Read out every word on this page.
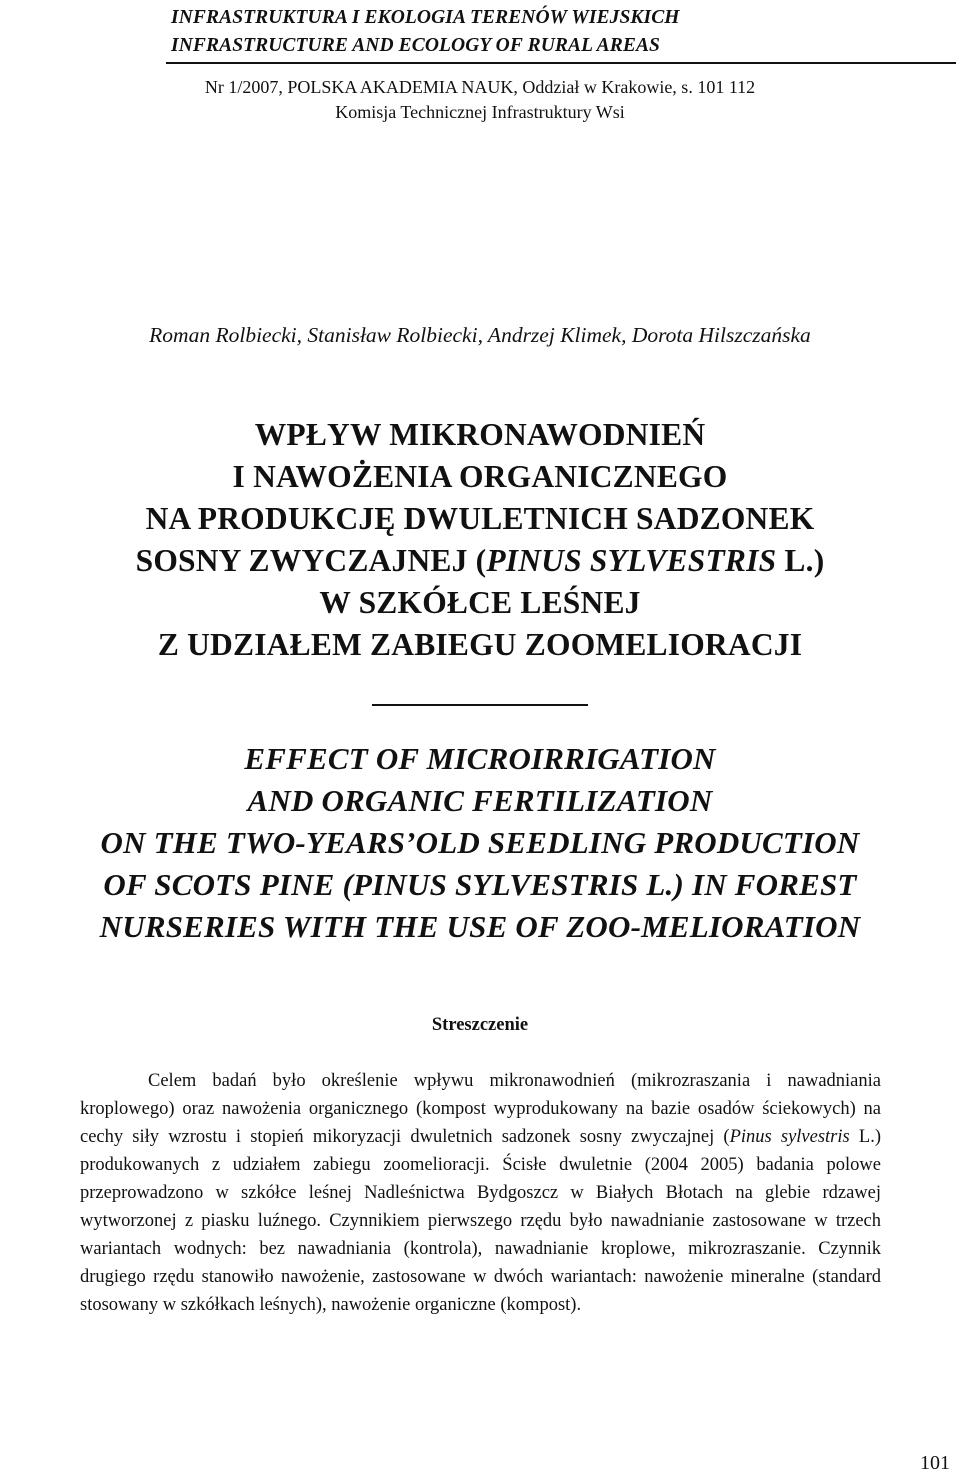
INFRASTRUKTURA I EKOLOGIA TERENÓW WIEJSKICH
INFRASTRUCTURE AND ECOLOGY OF RURAL AREAS
Nr 1/2007, POLSKA AKADEMIA NAUK, Oddział w Krakowie, s. 101 112
Komisja Technicznej Infrastruktury Wsi
Roman Rolbiecki, Stanisław Rolbiecki, Andrzej Klimek, Dorota Hilszczańska
WPŁYW MIKRONAWODNIEŃ
I NAWOŻENIA ORGANICZNEGO
NA PRODUKCJĘ DWULETNICH SADZONEK
SOSNY ZWYCZAJNEJ (PINUS SYLVESTRIS L.)
W SZKÓŁCE LEŚNEJ
Z UDZIAŁEM ZABIEGU ZOOMELIORACJI
EFFECT OF MICROIRRIGATION
AND ORGANIC FERTILIZATION
ON THE TWO-YEARS’OLD SEEDLING PRODUCTION
OF SCOTS PINE (PINUS SYLVESTRIS L.) IN FOREST
NURSERIES WITH THE USE OF ZOO-MELIORATION
Streszczenie

Celem badań było określenie wpływu mikronawodnień (mikrozraszania i nawadniania kroplowego) oraz nawożenia organicznego (kompost wyprodukowany na bazie osadów ściekowych) na cechy siły wzrostu i stopień mikoryzacji dwuletnich sadzonek sosny zwyczajnej (Pinus sylvestris L.) produkowanych z udziałem zabiegu zoomelioracji. Ścisłe dwuletnie (2004 2005) badania polowe przeprowadzono w szkółce leśnej Nadleśnictwa Bydgoszcz w Białych Błotach na glebie rdzawej wytworzonej z piasku luźnego. Czynnikiem pierwszego rzędu było nawadnianie zastosowane w trzech wariantach wodnych: bez nawadniania (kontrola), nawadnianie kroplowe, mikrozraszanie. Czynnik drugiego rzędu stanowiło nawożenie, zastosowane w dwóch wariantach: nawożenie mineralne (standard stosowany w szkółkach leśnych), nawożenie organiczne (kompost).

101
